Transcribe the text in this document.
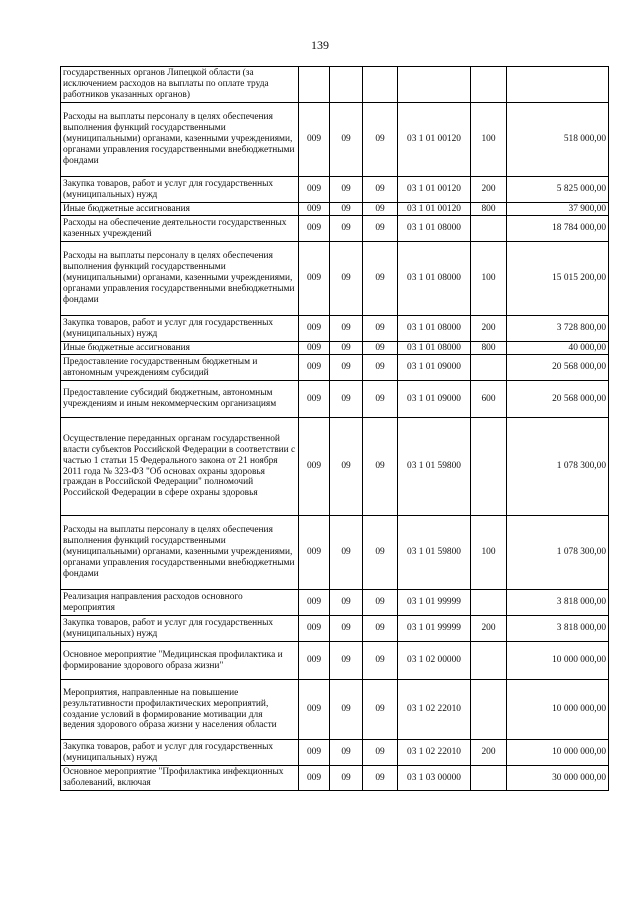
139
государственных органов Липецкой области (за исключением расходов на выплаты по оплате труда работников указанных органов)						
Расходы на выплаты персоналу в целях обеспечения выполнения функций государственными (муниципальными) органами, казенными учреждениями, органами управления государственными внебюджетными фондами	009	09	09	03 1 01 00120	100	518 000,00
Закупка товаров, работ и услуг для государственных (муниципальных) нужд	009	09	09	03 1 01 00120	200	5 825 000,00
Иные бюджетные ассигнования	009	09	09	03 1 01 00120	800	37 900,00
Расходы на обеспечение деятельности государственных казенных учреждений	009	09	09	03 1 01 08000		18 784 000,00
Расходы на выплаты персоналу в целях обеспечения выполнения функций государственными (муниципальными) органами, казенными учреждениями, органами управления государственными внебюджетными фондами	009	09	09	03 1 01 08000	100	15 015 200,00
Закупка товаров, работ и услуг для государственных (муниципальных) нужд	009	09	09	03 1 01 08000	200	3 728 800,00
Иные бюджетные ассигнования	009	09	09	03 1 01 08000	800	40 000,00
Предоставление государственным бюджетным и автономным учреждениям субсидий	009	09	09	03 1 01 09000		20 568 000,00
Предоставление субсидий бюджетным, автономным учреждениям и иным некоммерческим организациям	009	09	09	03 1 01 09000	600	20 568 000,00
Осуществление переданных органам государственной власти субъектов Российской Федерации в соответствии с частью 1 статьи 15 Федерального закона от 21 ноября 2011 года № 323-ФЗ "Об основах охраны здоровья граждан в Российской Федерации" полномочий Российской Федерации в сфере охраны здоровья	009	09	09	03 1 01 59800		1 078 300,00
Расходы на выплаты персоналу в целях обеспечения выполнения функций государственными (муниципальными) органами, казенными учреждениями, органами управления государственными внебюджетными фондами	009	09	09	03 1 01 59800	100	1 078 300,00
Реализация направления расходов основного мероприятия	009	09	09	03 1 01 99999		3 818 000,00
Закупка товаров, работ и услуг для государственных (муниципальных) нужд	009	09	09	03 1 01 99999	200	3 818 000,00
Основное мероприятие "Медицинская профилактика и формирование здорового образа жизни"	009	09	09	03 1 02 00000		10 000 000,00
Мероприятия, направленные на повышение результативности профилактических мероприятий, создание условий в формирование мотивации для ведения здорового образа жизни у населения области	009	09	09	03 1 02 22010		10 000 000,00
Закупка товаров, работ и услуг для государственных (муниципальных) нужд	009	09	09	03 1 02 22010	200	10 000 000,00
Основное мероприятие "Профилактика инфекционных заболеваний, включая	009	09	09	03 1 03 00000		30 000 000,00
